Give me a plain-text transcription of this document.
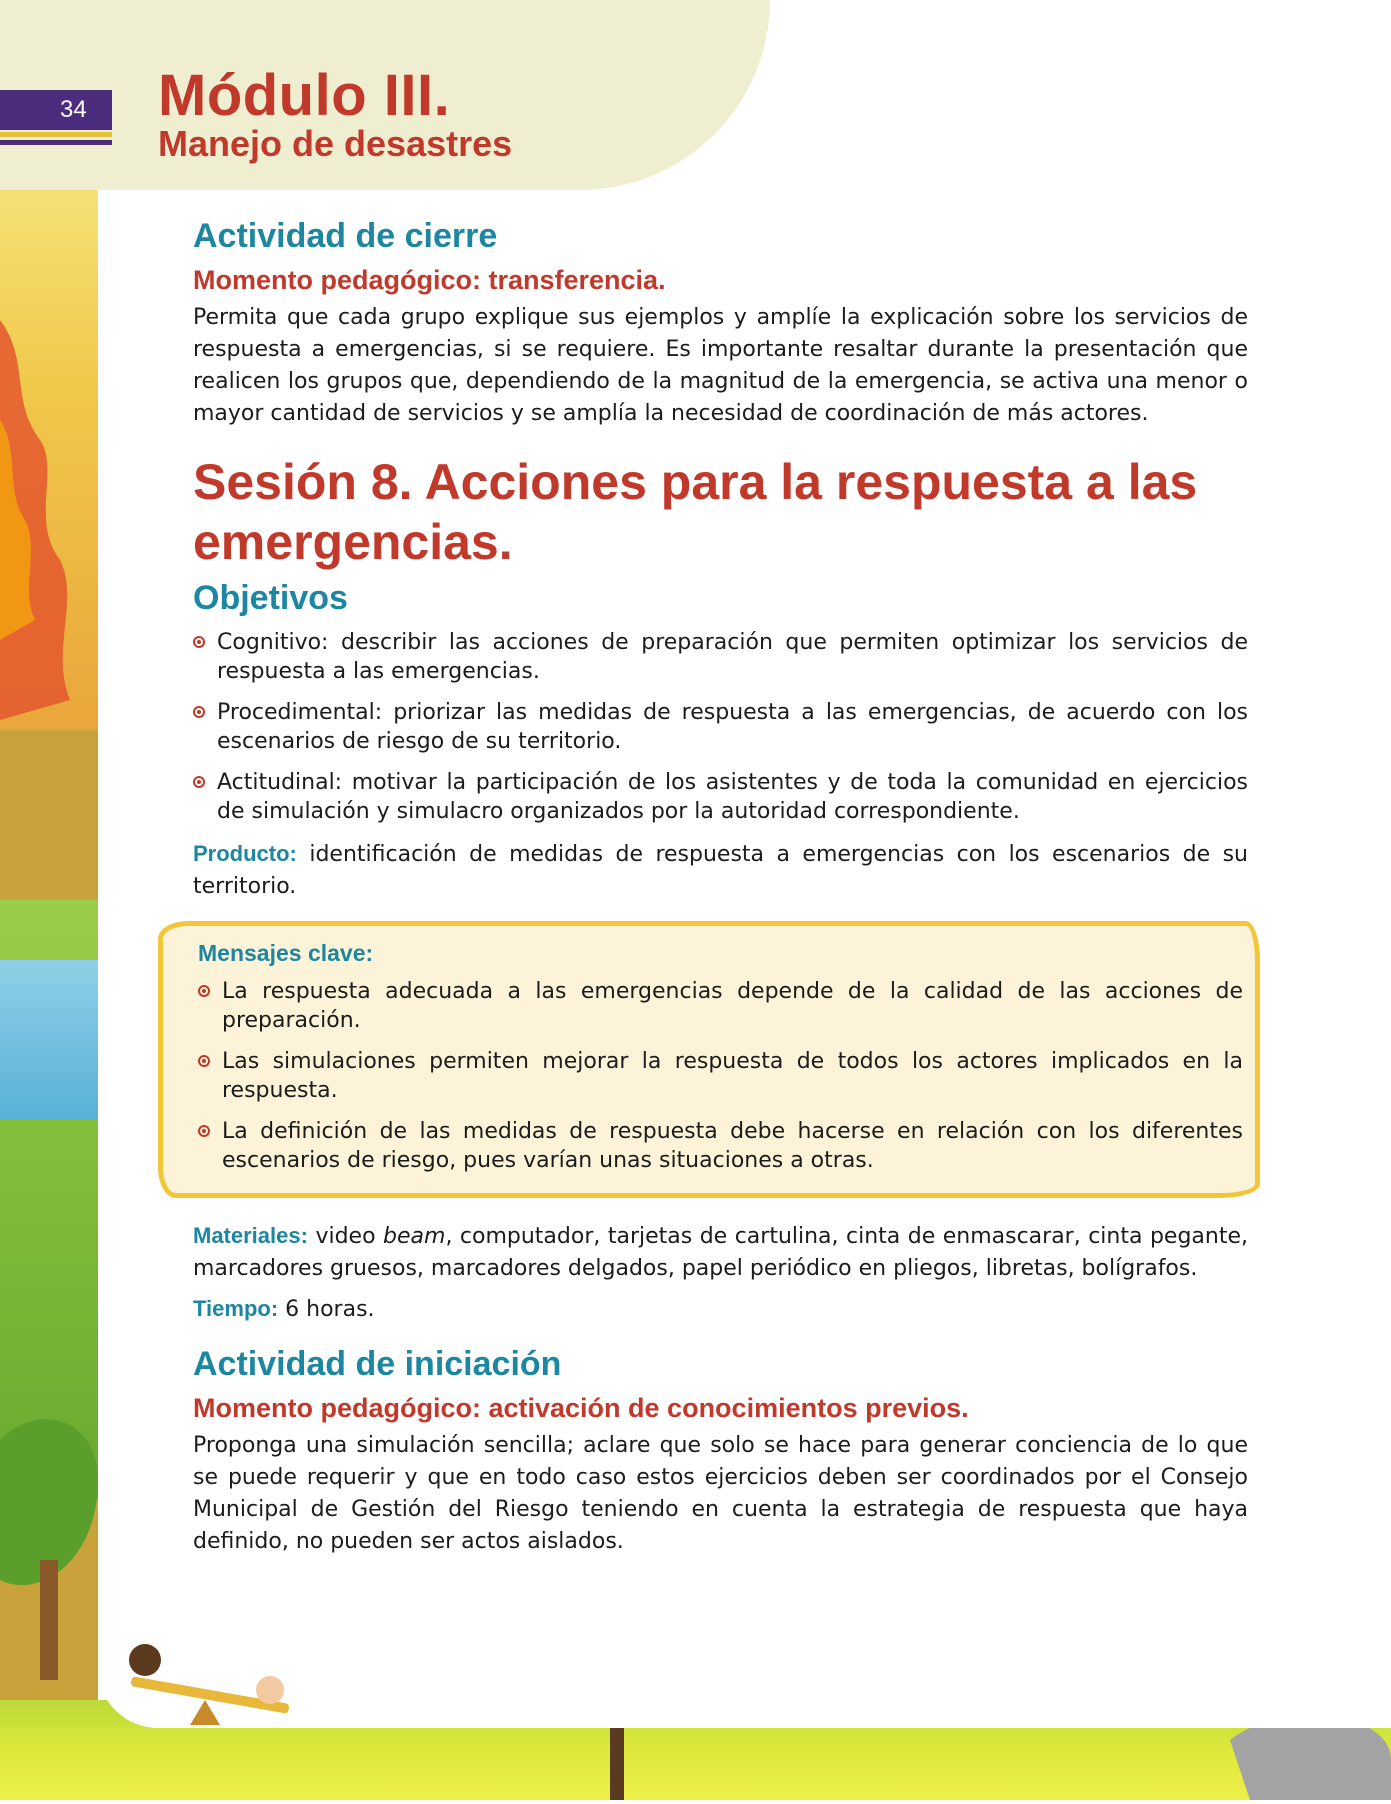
34	Módulo III.
Manejo de desastres
Actividad de cierre
Momento pedagógico: transferencia.

Permita que cada grupo explique sus ejemplos y amplíe la explicación sobre los servicios de respuesta a emergencias, si se requiere. Es importante resaltar durante la presentación que realicen los grupos que, dependiendo de la magnitud de la emergencia, se activa una menor o mayor cantidad de servicios y se amplía la necesidad de coordinación de más actores.

Sesión 8. Acciones para la respuesta a las emergencias.
Objetivos
Cognitivo: describir las acciones de preparación que permiten optimizar los servicios de respuesta a las emergencias.
Procedimental: priorizar las medidas de respuesta a las emergencias, de acuerdo con los escenarios de riesgo de su territorio.
Actitudinal: motivar la participación de los asistentes y de toda la comunidad en ejercicios de simulación y simulacro organizados por la autoridad correspondiente.

Producto: identificación de medidas de respuesta a emergencias con los escenarios de su territorio.

Mensajes clave:

La respuesta adecuada a las emergencias depende de la calidad de las acciones de preparación.
Las simulaciones permiten mejorar la respuesta de todos los actores implicados en la respuesta.
La definición de las medidas de respuesta debe hacerse en relación con los diferentes escenarios de riesgo, pues varían unas situaciones a otras.

Materiales: video beam, computador, tarjetas de cartulina, cinta de enmascarar, cinta pegante, marcadores gruesos, marcadores delgados, papel periódico en pliegos, libretas, bolígrafos.

Tiempo: 6 horas.

Actividad de iniciación
Momento pedagógico: activación de conocimientos previos.

Proponga una simulación sencilla; aclare que solo se hace para generar conciencia de lo que se puede requerir y que en todo caso estos ejercicios deben ser coordinados por el Consejo Municipal de Gestión del Riesgo teniendo en cuenta la estrategia de respuesta que haya definido, no pueden ser actos aislados.
